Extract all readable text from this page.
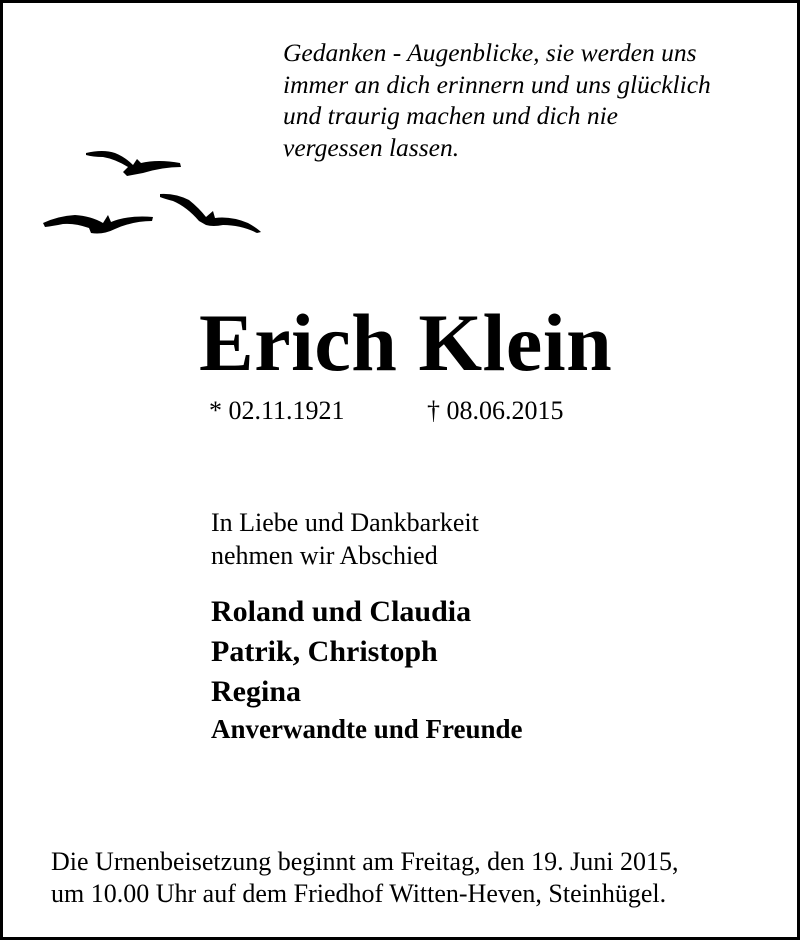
Gedanken - Augenblicke, sie werden uns
immer an dich erinnern und uns glücklich
und traurig machen und dich nie
vergessen lassen.
Erich Klein
* 02.11.1921	† 08.06.2015
In Liebe und Dankbarkeit
nehmen wir Abschied
Roland und Claudia
Patrik, Christoph
Regina
Anverwandte und Freunde
Die Urnenbeisetzung beginnt am Freitag, den 19. Juni 2015,
um 10.00 Uhr auf dem Friedhof Witten-Heven, Steinhügel.
